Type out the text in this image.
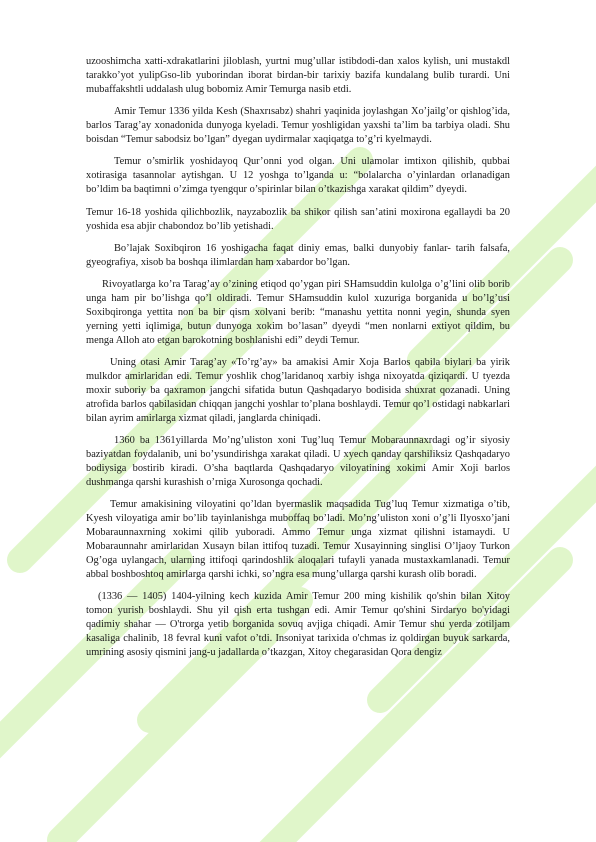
uzooshimcha xatti-xdrakatlarini jiloblash, yurtni mug’ullar istibdodi-dan xalos kylish, uni mustakdl tarakko’yot yulipGso-lib yuborindan iborat birdan-bir tarixiy bazifa kundalang bulib turardi. Uni mubaffakshtli uddalash ulug bobomiz Amir Temurga nasib etdi.

Amir Temur 1336 yilda Kesh (Shaxrısabz) shahri yaqinida joylashgan Xo’jailg’or qishlog’ida, barlos Tarag’ay xonadonida dunyoga kyeladi. Temur yoshligidan yaxshi ta’lim ba tarbiya oladi. Shu boisdan “Temur sabodsiz bo’lgan” dyegan uydirmalar xaqiqatga to’g’ri kyelmaydi.

Temur o’smirlik yoshidayoq Qur’onni yod olgan. Uni ulamolar imtixon qilishib, qubbai xotirasiga tasannolar aytishgan. U 12 yoshga to’lganda u: “bolalarcha o’yinlardan orlanadigan bo’ldim ba baqtimni o’zimga tyengqur o’spirinlar bilan o’tkazishga xarakat qildim” dyeydi.

Temur 16-18 yoshida qilichbozlik, nayzabozlik ba shikor qilish san’atini moxirona egallaydi ba 20 yoshida esa abjir chabondoz bo’lib yetishadi.

Bo’lajak Soxibqiron 16 yoshigacha faqat diniy emas, balki dunyobiy fanlar- tarih falsafa, gyeografiya, xisob ba boshqa ilimlardan ham xabardor bo’lgan.

Rivoyatlarga ko’ra Tarag’ay o’zining etiqod qo’ygan piri SHamsuddin kulolga o’g’lini olib borib unga ham pir bo’lishga qo’l oldiradi. Temur SHamsuddin kulol xuzuriga borganida u bo’lg’usi Soxibqironga yettita non ba bir qism xolvani berib: “manashu yettita nonni yegin, shunda syen yerning yetti iqlimiga, butun dunyoga xokim bo’lasan” dyeydi “men nonlarni extiyot qildim, bu menga Alloh ato etgan barokotning boshlanishi edi” deydi Temur.

Uning otasi Amir Tarag’ay «To’rg’ay» ba amakisi Amir Xoja Barlos qabila biylari ba yirik mulkdor amirlaridan edi. Temur yoshlik chog’laridanoq xarbiy ishga nixoyatda qiziqardi. U tyezda moxir suboriy ba qaxramon jangchi sifatida butun Qashqadaryo bodisida shuxrat qozanadi. Uning atrofida barlos qabilasidan chiqqan jangchi yoshlar to’plana boshlaydi. Temur qo’l ostidagi nabkarlari bilan ayrim amirlarga xizmat qiladi, janglarda chiniqadi.

1360 ba 1361yillarda Mo’ng’uliston xoni Tug’luq Temur Mobaraunnaxrdagi og’ir siyosiy baziyatdan foydalanib, uni bo’ysundirishga xarakat qiladi. U xyech qanday qarshiliksiz Qashqadaryo bodiysiga bostirib kiradi. O’sha baqtlarda Qashqadaryo viloyatining xokimi Amir Xoji barlos dushmanga qarshi kurashish o’rniga Xurosonga qochadi.

Temur amakisining viloyatini qo’ldan byermaslik maqsadida Tug’luq Temur xizmatiga o’tib, Kyesh viloyatiga amir bo’lib tayinlanishga muboffaq bo’ladi. Mo’ng’uliston xoni o’g’li Ilyosxo’jani Mobaraunnaxrning xokimi qilib yuboradi. Ammo Temur unga xizmat qilishni istamaydi. U Mobaraunnahr amirlaridan Xusayn bilan ittifoq tuzadi. Temur Xusayinning singlisi O’ljaoy Turkon Og’oga uylangach, ularning ittifoqi qarindoshlik aloqalari tufayli yanada mustaxkamlanadi. Temur abbal boshboshtoq amirlarga qarshi ichki, so’ngra esa mung’ullarga qarshi kurash olib boradi.

(1336 — 1405) 1404-yilning kech kuzida Amir Temur 200 ming kishilik qo'shin bilan Xitoy tomon yurish boshlaydi. Shu yil qish erta tushgan edi. Amir Temur qo'shini Sirdaryo bo'yidagi qadimiy shahar — O'trorga yetib borganida sovuq avjiga chiqadi. Amir Temur shu yerda zotiljam kasaliga chalinib, 18 fevral kuni vafot o’tdi. Insoniyat tarixida o'chmas iz qoldirgan buyuk sarkarda, umrining asosiy qismini jang-u jadallarda o’tkazgan, Xitoy chegarasidan Qora dengiz
